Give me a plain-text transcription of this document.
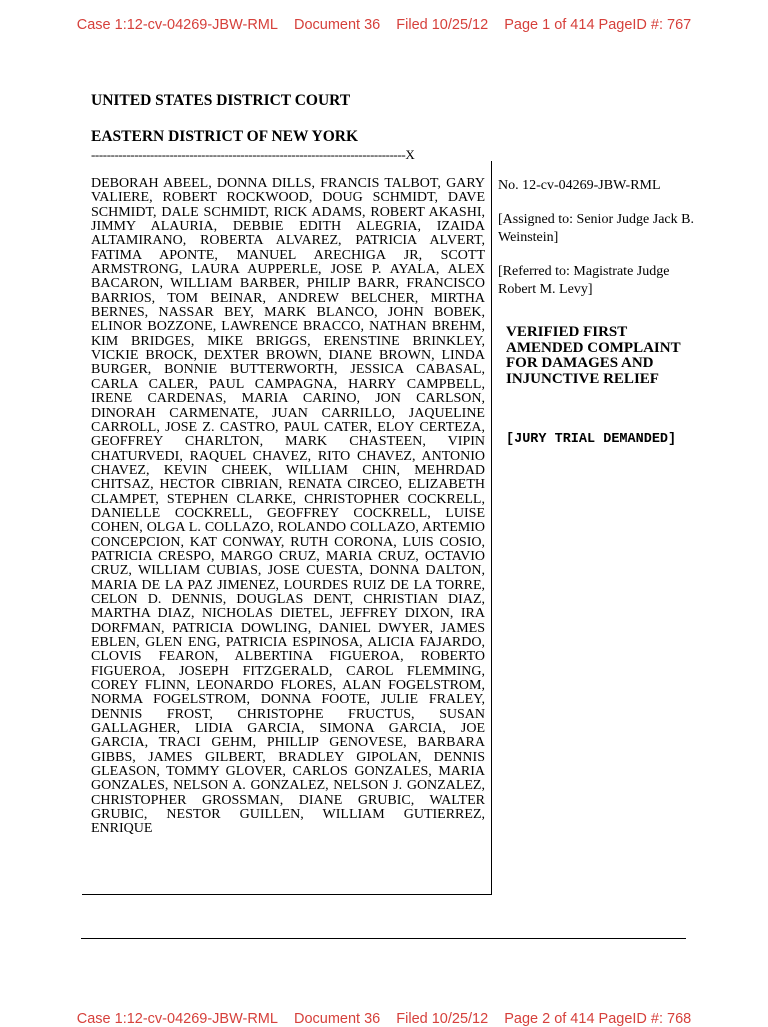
Case 1:12-cv-04269-JBW-RML Document 36 Filed 10/25/12 Page 1 of 414 PageID #: 767
UNITED STATES DISTRICT COURT
EASTERN DISTRICT OF NEW YORK
--------------------------------------------------------------------------------X
DEBORAH ABEEL, DONNA DILLS, FRANCIS TALBOT, GARY VALIERE, ROBERT ROCKWOOD, DOUG SCHMIDT, DAVE SCHMIDT, DALE SCHMIDT, RICK ADAMS, ROBERT AKASHI, JIMMY ALAURIA, DEBBIE EDITH ALEGRIA, IZAIDA ALTAMIRANO, ROBERTA ALVAREZ, PATRICIA ALVERT, FATIMA APONTE, MANUEL ARECHIGA JR, SCOTT ARMSTRONG, LAURA AUPPERLE, JOSE P. AYALA, ALEX BACARON, WILLIAM BARBER, PHILIP BARR, FRANCISCO BARRIOS, TOM BEINAR, ANDREW BELCHER, MIRTHA BERNES, NASSAR BEY, MARK BLANCO, JOHN BOBEK, ELINOR BOZZONE, LAWRENCE BRACCO, NATHAN BREHM, KIM BRIDGES, MIKE BRIGGS, ERENSTINE BRINKLEY, VICKIE BROCK, DEXTER BROWN, DIANE BROWN, LINDA BURGER, BONNIE BUTTERWORTH, JESSICA CABASAL, CARLA CALER, PAUL CAMPAGNA, HARRY CAMPBELL, IRENE CARDENAS, MARIA CARINO, JON CARLSON, DINORAH CARMENATE, JUAN CARRILLO, JAQUELINE CARROLL, JOSE Z. CASTRO, PAUL CATER, ELOY CERTEZA, GEOFFREY CHARLTON, MARK CHASTEEN, VIPIN CHATURVEDI, RAQUEL CHAVEZ, RITO CHAVEZ, ANTONIO CHAVEZ, KEVIN CHEEK, WILLIAM CHIN, MEHRDAD CHITSAZ, HECTOR CIBRIAN, RENATA CIRCEO, ELIZABETH CLAMPET, STEPHEN CLARKE, CHRISTOPHER COCKRELL, DANIELLE COCKRELL, GEOFFREY COCKRELL, LUISE COHEN, OLGA L. COLLAZO, ROLANDO COLLAZO, ARTEMIO CONCEPCION, KAT CONWAY, RUTH CORONA, LUIS COSIO, PATRICIA CRESPO, MARGO CRUZ, MARIA CRUZ, OCTAVIO CRUZ, WILLIAM CUBIAS, JOSE CUESTA, DONNA DALTON, MARIA DE LA PAZ JIMENEZ, LOURDES RUIZ DE LA TORRE, CELON D. DENNIS, DOUGLAS DENT, CHRISTIAN DIAZ, MARTHA DIAZ, NICHOLAS DIETEL, JEFFREY DIXON, IRA DORFMAN, PATRICIA DOWLING, DANIEL DWYER, JAMES EBLEN, GLEN ENG, PATRICIA ESPINOSA, ALICIA FAJARDO, CLOVIS FEARON, ALBERTINA FIGUEROA, ROBERTO FIGUEROA, JOSEPH FITZGERALD, CAROL FLEMMING, COREY FLINN, LEONARDO FLORES, ALAN FOGELSTROM, NORMA FOGELSTROM, DONNA FOOTE, JULIE FRALEY, DENNIS FROST, CHRISTOPHE FRUCTUS, SUSAN GALLAGHER, LIDIA GARCIA, SIMONA GARCIA, JOE GARCIA, TRACI GEHM, PHILLIP GENOVESE, BARBARA GIBBS, JAMES GILBERT, BRADLEY GIPOLAN, DENNIS GLEASON, TOMMY GLOVER, CARLOS GONZALES, MARIA GONZALES, NELSON A. GONZALEZ, NELSON J. GONZALEZ, CHRISTOPHER GROSSMAN, DIANE GRUBIC, WALTER GRUBIC, NESTOR GUILLEN, WILLIAM GUTIERREZ, ENRIQUE
No. 12-cv-04269-JBW-RML
[Assigned to: Senior Judge Jack B. Weinstein]
[Referred to: Magistrate Judge Robert M. Levy]
VERIFIED FIRST AMENDED COMPLAINT FOR DAMAGES AND INJUNCTIVE RELIEF
[JURY TRIAL DEMANDED]
Case 1:12-cv-04269-JBW-RML Document 36 Filed 10/25/12 Page 2 of 414 PageID #: 768
